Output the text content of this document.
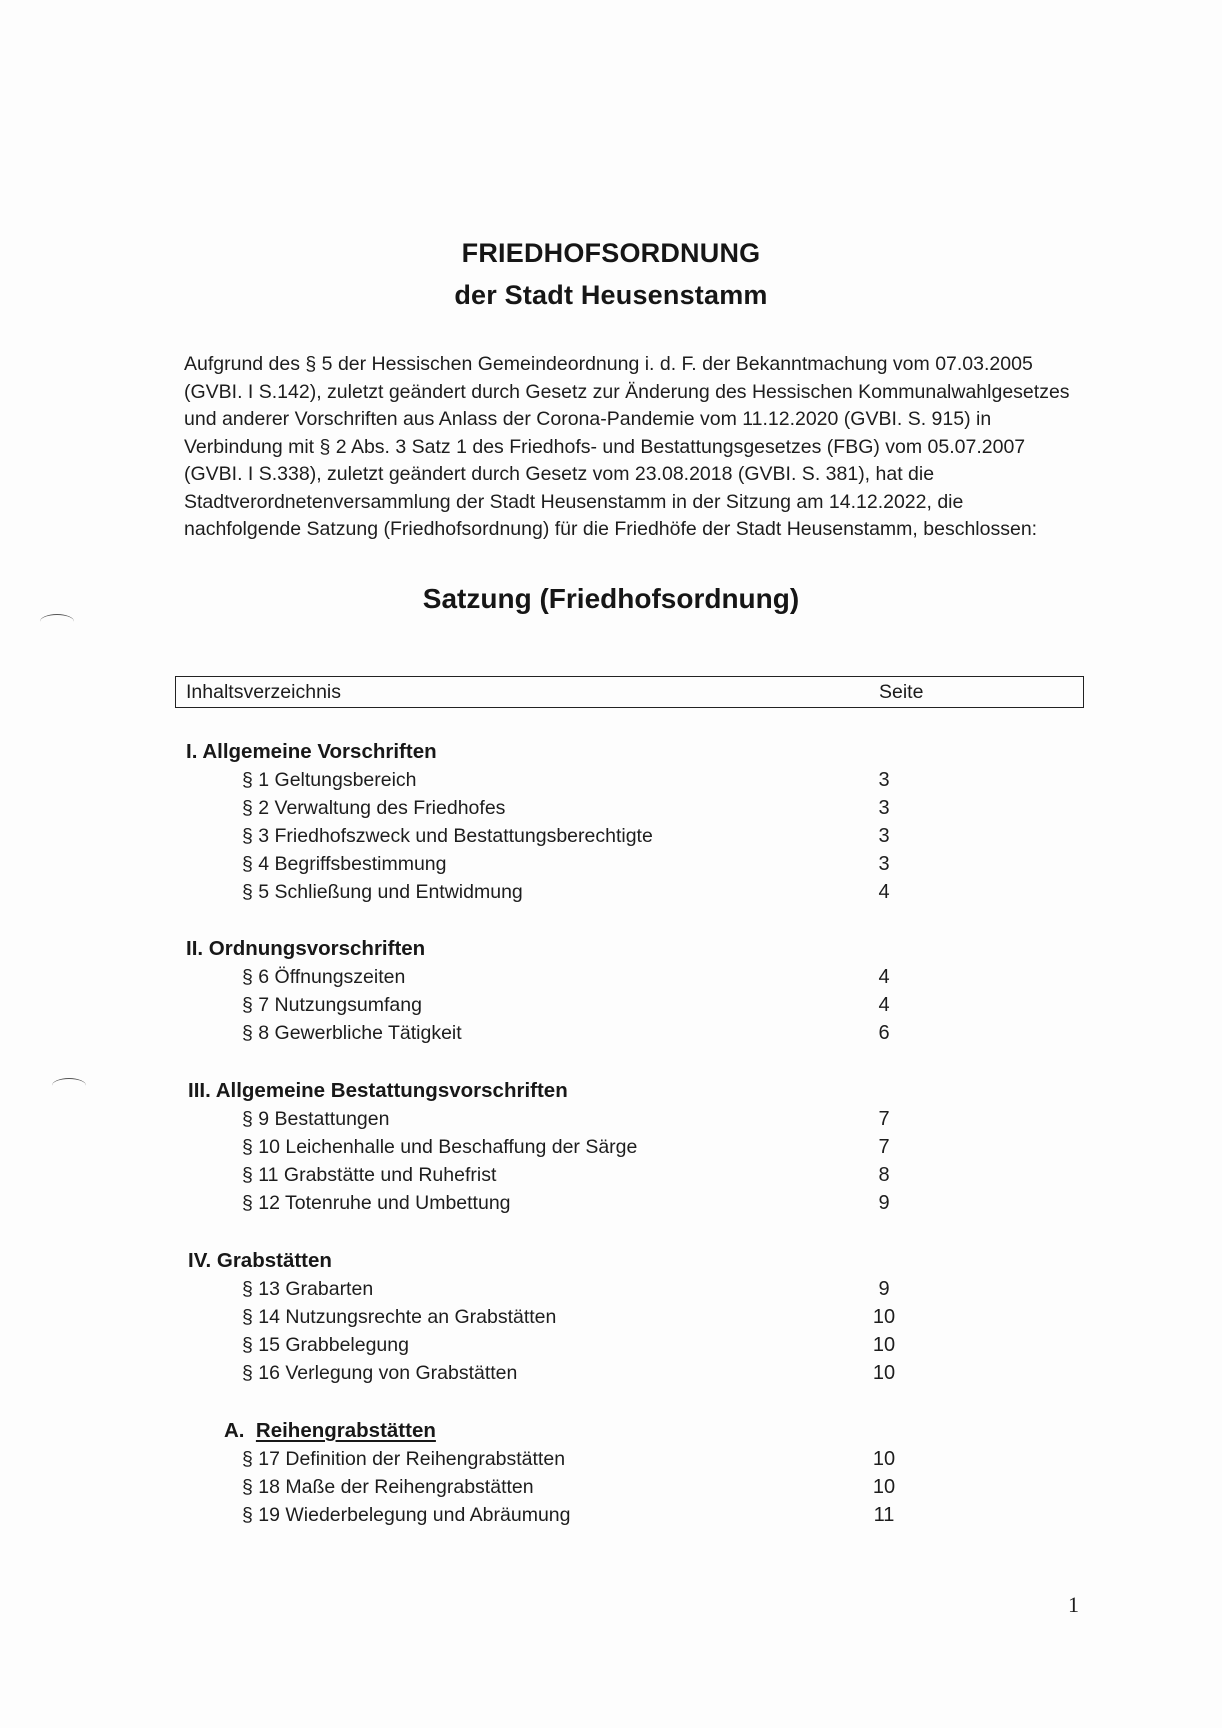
FRIEDHOFSORDNUNG
der Stadt Heusenstamm
Aufgrund des § 5 der Hessischen Gemeindeordnung i. d. F. der Bekanntmachung vom 07.03.2005
(GVBI. I S.142), zuletzt geändert durch Gesetz zur Änderung des Hessischen Kommunalwahlgesetzes
und anderer Vorschriften aus Anlass der Corona-Pandemie vom 11.12.2020 (GVBI. S. 915) in
Verbindung mit § 2 Abs. 3 Satz 1 des Friedhofs- und Bestattungsgesetzes (FBG) vom 05.07.2007
(GVBI. I S.338), zuletzt geändert durch Gesetz vom 23.08.2018 (GVBI. S. 381), hat die
Stadtverordnetenversammlung der Stadt Heusenstamm in der Sitzung am 14.12.2022, die
nachfolgende Satzung (Friedhofsordnung) für die Friedhöfe der Stadt Heusenstamm, beschlossen:
Satzung (Friedhofsordnung)
Inhaltsverzeichnis	Seite
I. Allgemeine Vorschriften
§ 1 Geltungsbereich	3
§ 2 Verwaltung des Friedhofes	3
§ 3 Friedhofszweck und Bestattungsberechtigte	3
§ 4 Begriffsbestimmung	3
§ 5 Schließung und Entwidmung	4
II. Ordnungsvorschriften
§ 6 Öffnungszeiten	4
§ 7 Nutzungsumfang	4
§ 8 Gewerbliche Tätigkeit	6
III. Allgemeine Bestattungsvorschriften
§ 9 Bestattungen	7
§ 10 Leichenhalle und Beschaffung der Särge	7
§ 11 Grabstätte und Ruhefrist	8
§ 12 Totenruhe und Umbettung	9
IV. Grabstätten
§ 13 Grabarten	9
§ 14 Nutzungsrechte an Grabstätten	10
§ 15 Grabbelegung	10
§ 16 Verlegung von Grabstätten	10
A. Reihengrabstätten
§ 17 Definition der Reihengrabstätten	10
§ 18 Maße der Reihengrabstätten	10
§ 19 Wiederbelegung und Abräumung	11
1
